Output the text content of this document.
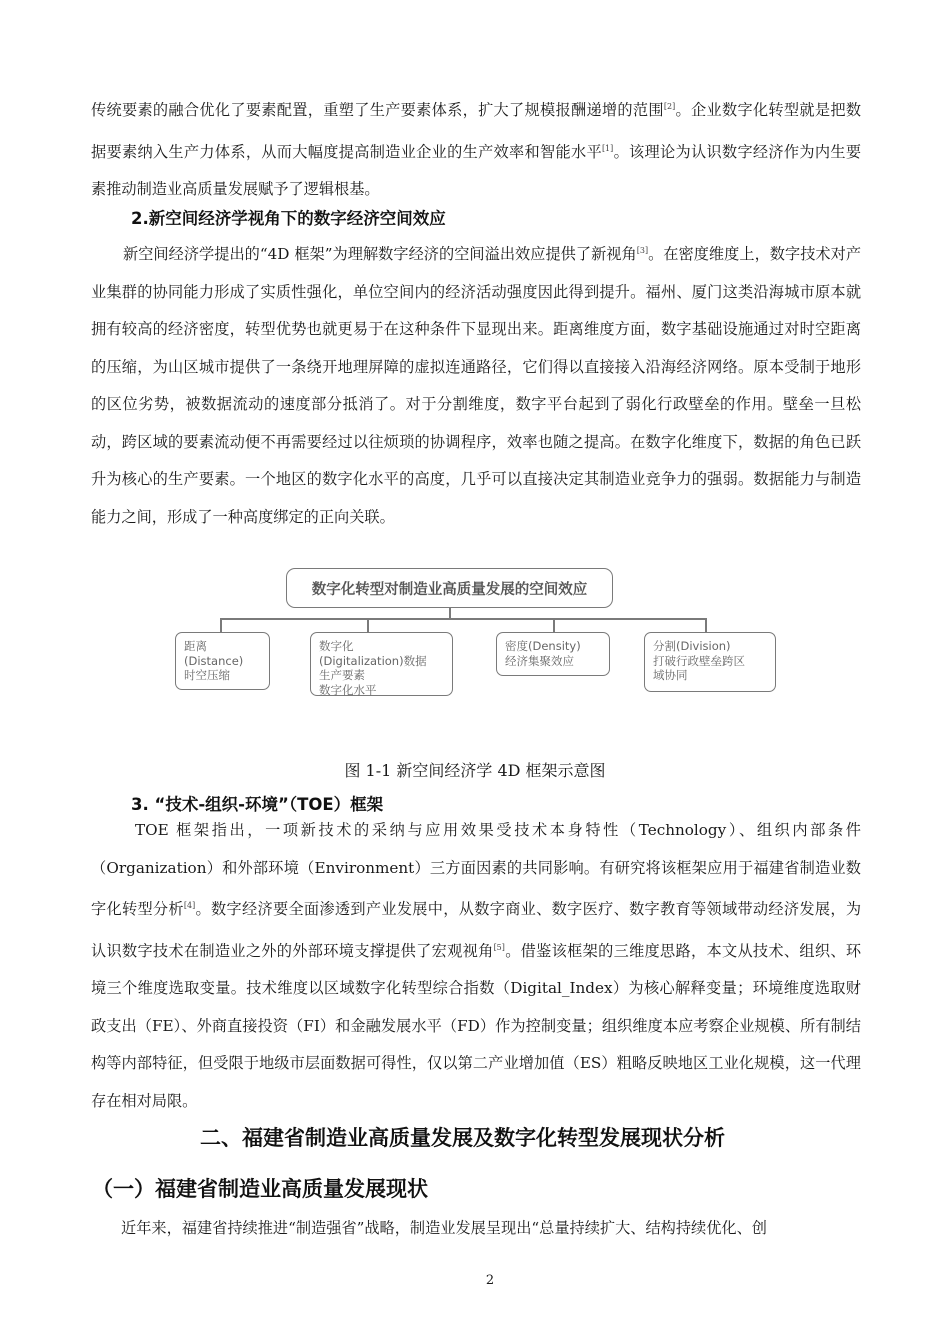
传统要素的融合优化了要素配置，重塑了生产要素体系，扩大了规模报酬递增的范围[2]。企业数字化转型就是把数据要素纳入生产力体系，从而大幅度提高制造业企业的生产效率和智能水平[1]。该理论为认识数字经济作为内生要素推动制造业高质量发展赋予了逻辑根基。

2.新空间经济学视角下的数字经济空间效应

新空间经济学提出的“4D 框架”为理解数字经济的空间溢出效应提供了新视角[3]。在密度维度上，数字技术对产业集群的协同能力形成了实质性强化，单位空间内的经济活动强度因此得到提升。福州、厦门这类沿海城市原本就拥有较高的经济密度，转型优势也就更易于在这种条件下显现出来。距离维度方面，数字基础设施通过对时空距离的压缩，为山区城市提供了一条绕开地理屏障的虚拟连通路径，它们得以直接接入沿海经济网络。原本受制于地形的区位劣势，被数据流动的速度部分抵消了。对于分割维度，数字平台起到了弱化行政壁垒的作用。壁垒一旦松动，跨区域的要素流动便不再需要经过以往烦琐的协调程序，效率也随之提高。在数字化维度下，数据的角色已跃升为核心的生产要素。一个地区的数字化水平的高度，几乎可以直接决定其制造业竞争力的强弱。数据能力与制造能力之间，形成了一种高度绑定的正向关联。

数字化转型对制造业高质量发展的空间效应
距离
(Distance)
时空压缩
数字化
(Digitalization)数据
生产要素
数字化水平
密度(Density)
经济集聚效应
分割(Division)
打破行政壁垒跨区
域协同

图 1-1 新空间经济学 4D 框架示意图

3. “技术-组织-环境”（TOE）框架

TOE 框架指出，一项新技术的采纳与应用效果受技术本身特性（Technology）、组织内部条件（Organization）和外部环境（Environment）三方面因素的共同影响。有研究将该框架应用于福建省制造业数字化转型分析[4]。数字经济要全面渗透到产业发展中，从数字商业、数字医疗、数字教育等领域带动经济发展，为认识数字技术在制造业之外的外部环境支撑提供了宏观视角[5]。借鉴该框架的三维度思路，本文从技术、组织、环境三个维度选取变量。技术维度以区域数字化转型综合指数（Digital_Index）为核心解释变量；环境维度选取财政支出（FE）、外商直接投资（FI）和金融发展水平（FD）作为控制变量；组织维度本应考察企业规模、所有制结构等内部特征，但受限于地级市层面数据可得性，仅以第二产业增加值（ES）粗略反映地区工业化规模，这一代理存在相对局限。

二、福建省制造业高质量发展及数字化转型发展现状分析
（一）福建省制造业高质量发展现状

近年来，福建省持续推进“制造强省”战略，制造业发展呈现出“总量持续扩大、结构持续优化、创

2
